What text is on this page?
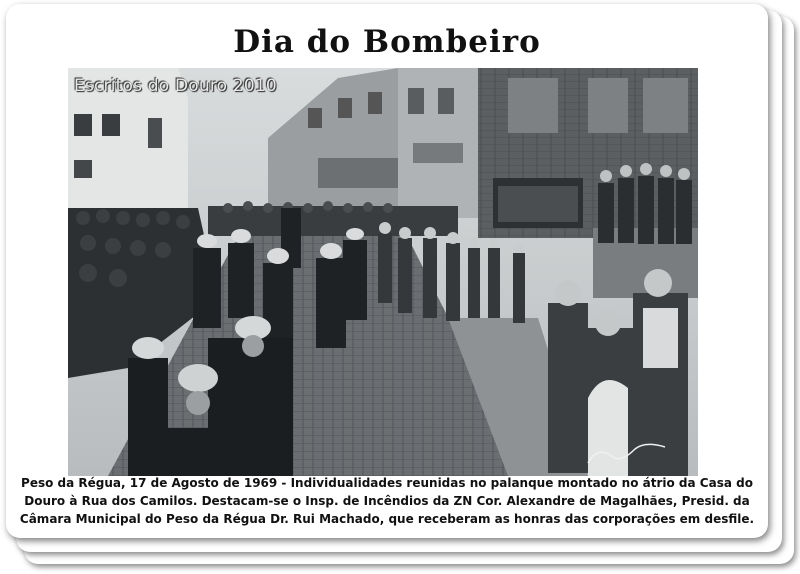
Dia do Bombeiro
Escritos do Douro 2010
Peso da Régua, 17 de Agosto de 1969 - Individualidades reunidas no palanque montado no átrio da Casa do Douro à Rua dos Camilos. Destacam-se o Insp. de Incêndios da ZN Cor. Alexandre de Magalhães, Presid. da Câmara Municipal do Peso da Régua Dr. Rui Machado, que receberam as honras das corporações em desfile.
